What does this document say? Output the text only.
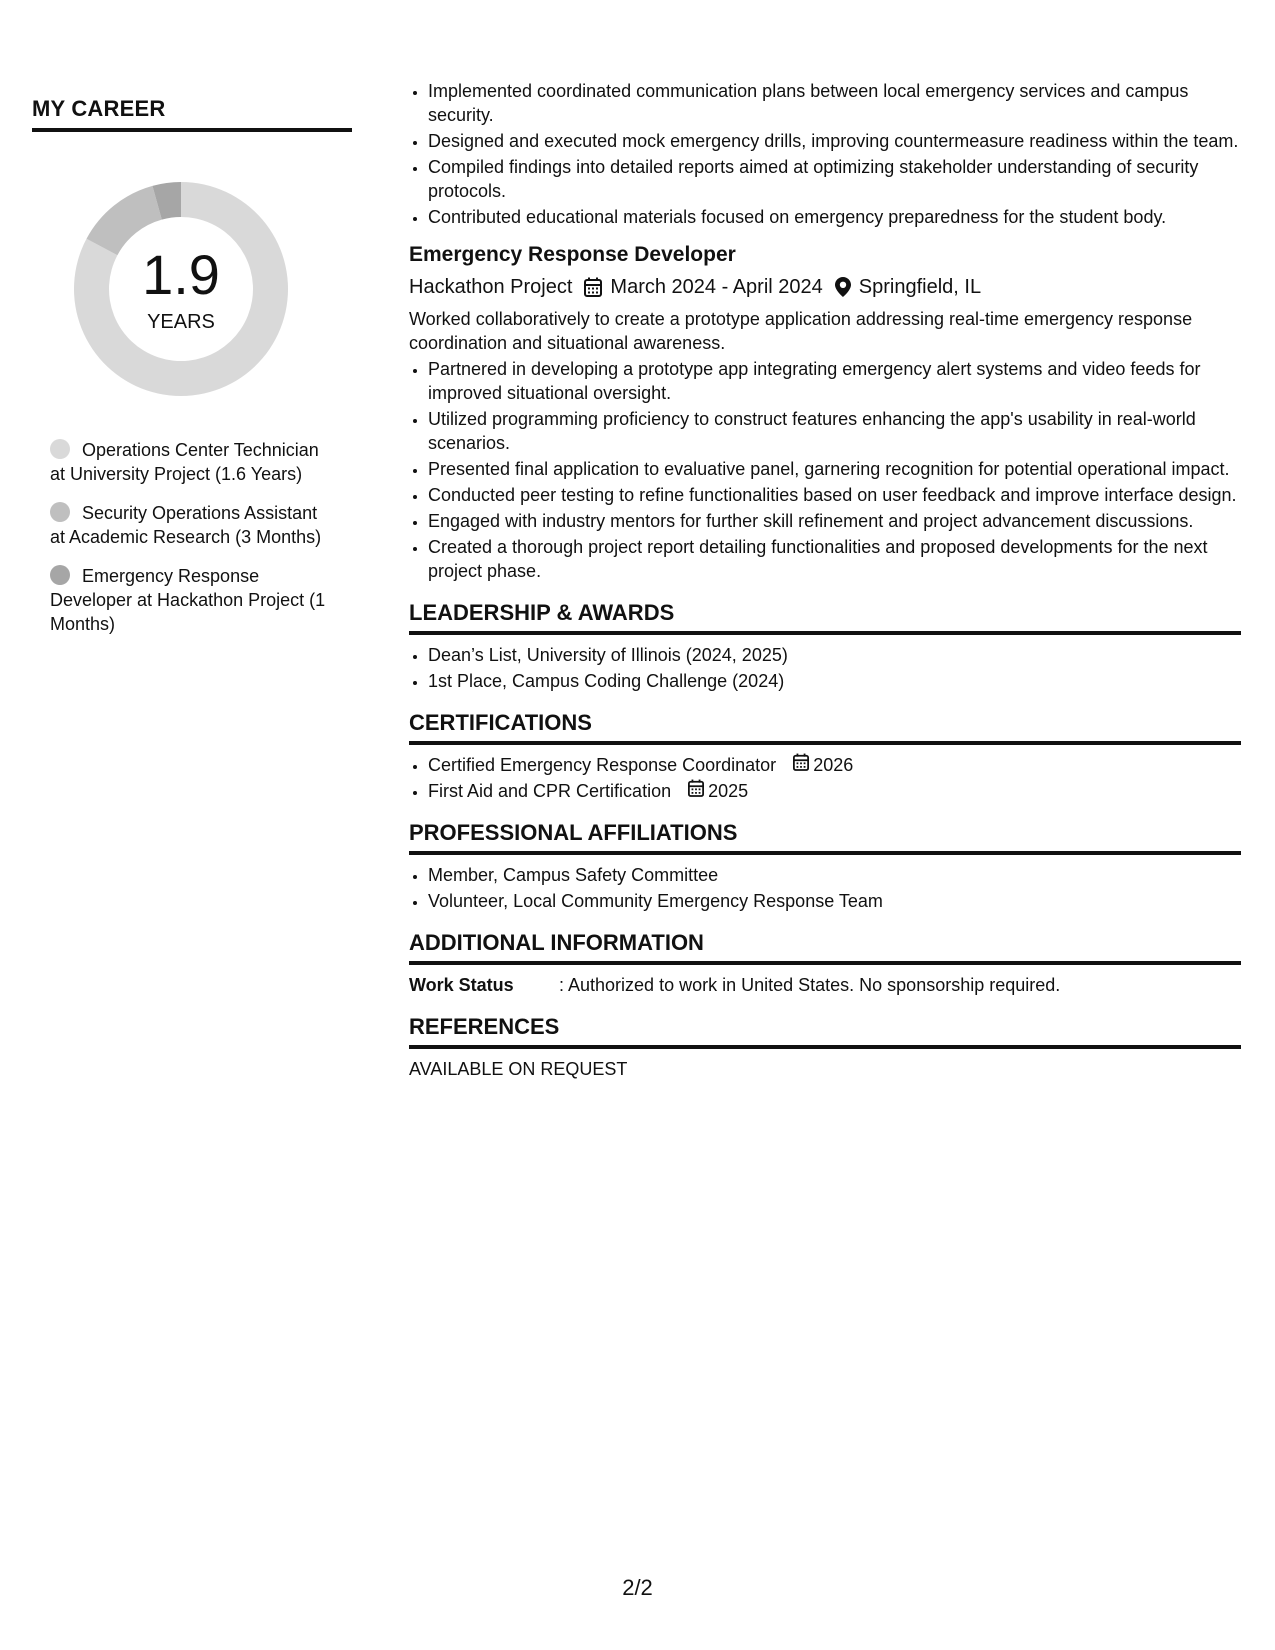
MY CAREER
1.9
YEARS
Operations Center Technician at University Project (1.6 Years)
Security Operations Assistant at Academic Research (3 Months)
Emergency Response Developer at Hackathon Project (1 Months)
• Implemented coordinated communication plans between local emergency services and campus security.
• Designed and executed mock emergency drills, improving countermeasure readiness within the team.
• Compiled findings into detailed reports aimed at optimizing stakeholder understanding of security protocols.
• Contributed educational materials focused on emergency preparedness for the student body.
Emergency Response Developer
Hackathon Project March 2024 - April 2024 Springfield, IL
Worked collaboratively to create a prototype application addressing real-time emergency response coordination and situational awareness.
• Partnered in developing a prototype app integrating emergency alert systems and video feeds for improved situational oversight.
• Utilized programming proficiency to construct features enhancing the app's usability in real-world scenarios.
• Presented final application to evaluative panel, garnering recognition for potential operational impact.
• Conducted peer testing to refine functionalities based on user feedback and improve interface design.
• Engaged with industry mentors for further skill refinement and project advancement discussions.
• Created a thorough project report detailing functionalities and proposed developments for the next project phase.
LEADERSHIP & AWARDS
• Dean’s List, University of Illinois (2024, 2025)
• 1st Place, Campus Coding Challenge (2024)
CERTIFICATIONS
• Certified Emergency Response Coordinator 2026
• First Aid and CPR Certification 2025
PROFESSIONAL AFFILIATIONS
• Member, Campus Safety Committee
• Volunteer, Local Community Emergency Response Team
ADDITIONAL INFORMATION
Work Status	: Authorized to work in United States. No sponsorship required.
REFERENCES
AVAILABLE ON REQUEST
2/2
